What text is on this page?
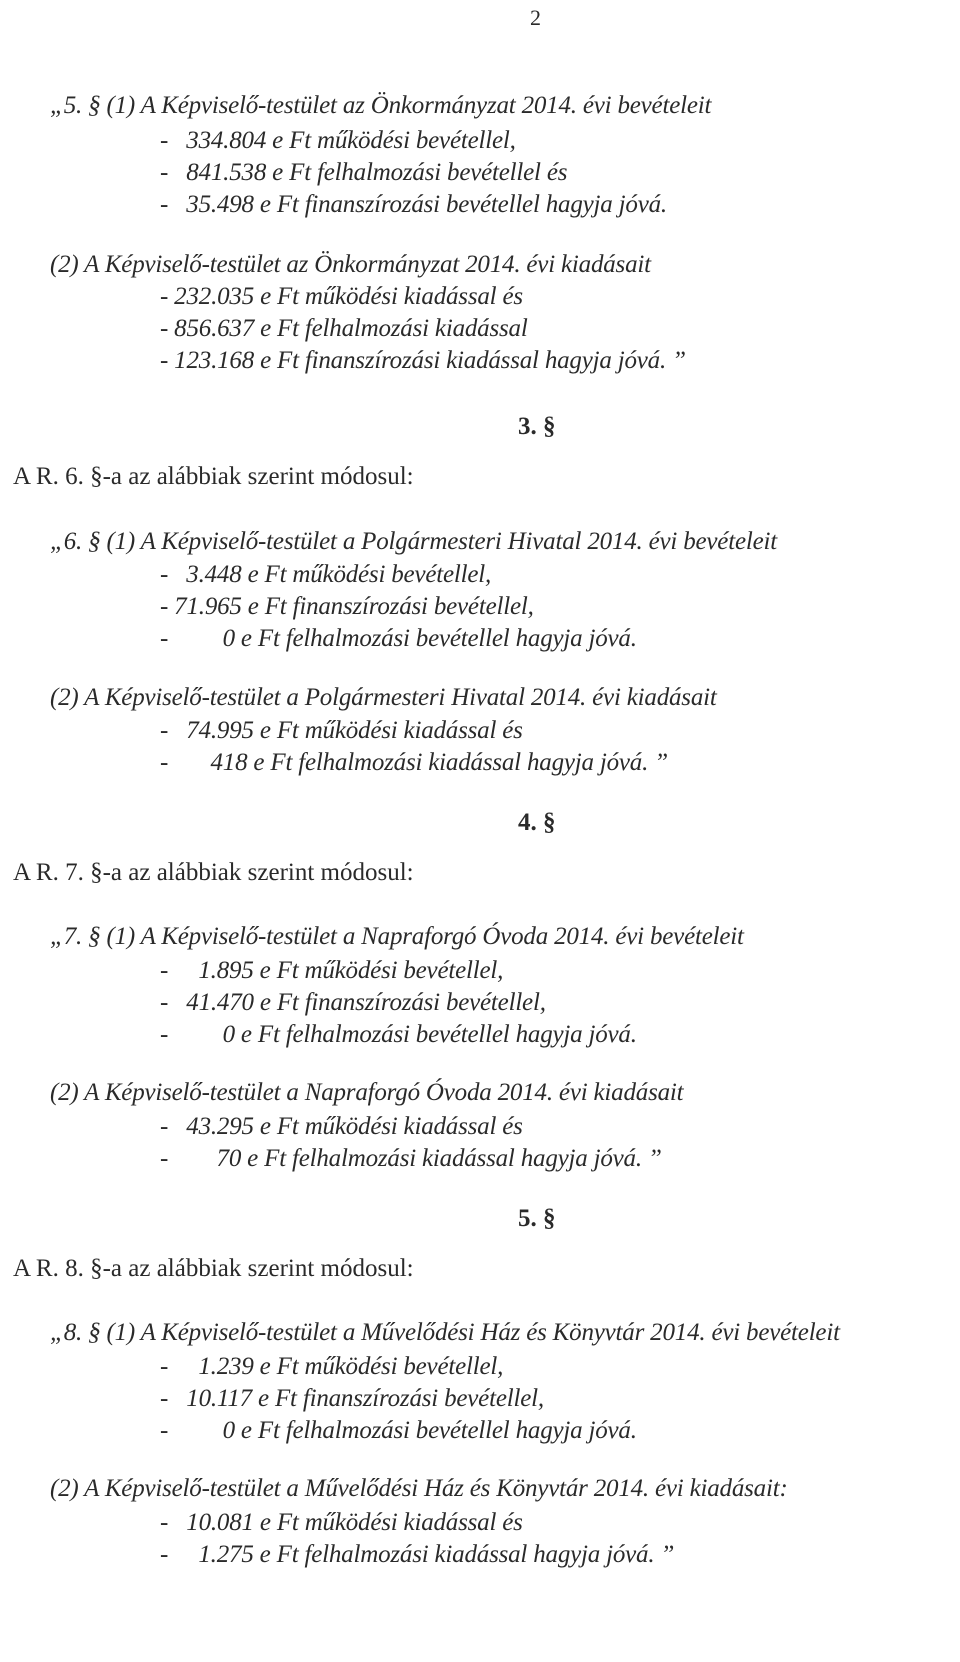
2
„5. § (1) A Képviselő-testület az Önkormányzat 2014. évi bevételeit
-   334.804 e Ft működési bevétellel,
-   841.538 e Ft felhalmozási bevétellel és
-   35.498 e Ft finanszírozási bevétellel hagyja jóvá.
(2) A Képviselő-testület az Önkormányzat 2014. évi kiadásait
- 232.035 e Ft működési kiadással és
- 856.637 e Ft felhalmozási kiadással
- 123.168 e Ft finanszírozási kiadással hagyja jóvá. ”
3. §
A R. 6. §-a az alábbiak szerint módosul:
„6. § (1) A Képviselő-testület a Polgármesteri Hivatal 2014. évi bevételeit
-   3.448 e Ft működési bevétellel,
- 71.965 e Ft finanszírozási bevétellel,
-         0 e Ft felhalmozási bevétellel hagyja jóvá.
(2) A Képviselő-testület a Polgármesteri Hivatal 2014. évi kiadásait
-   74.995 e Ft működési kiadással és
-       418 e Ft felhalmozási kiadással hagyja jóvá. ”
4. §
A R. 7. §-a az alábbiak szerint módosul:
„7. § (1) A Képviselő-testület a Napraforgó Óvoda 2014. évi bevételeit
-     1.895 e Ft működési bevétellel,
-   41.470 e Ft finanszírozási bevétellel,
-         0 e Ft felhalmozási bevétellel hagyja jóvá.
(2) A Képviselő-testület a Napraforgó Óvoda 2014. évi kiadásait
-   43.295 e Ft működési kiadással és
-        70 e Ft felhalmozási kiadással hagyja jóvá. ”
5. §
A R. 8. §-a az alábbiak szerint módosul:
„8. § (1) A Képviselő-testület a Művelődési Ház és Könyvtár 2014. évi bevételeit
-     1.239 e Ft működési bevétellel,
-   10.117 e Ft finanszírozási bevétellel,
-         0 e Ft felhalmozási bevétellel hagyja jóvá.
(2) A Képviselő-testület a Művelődési Ház és Könyvtár 2014. évi kiadásait:
-   10.081 e Ft működési kiadással és
-     1.275 e Ft felhalmozási kiadással hagyja jóvá. ”
